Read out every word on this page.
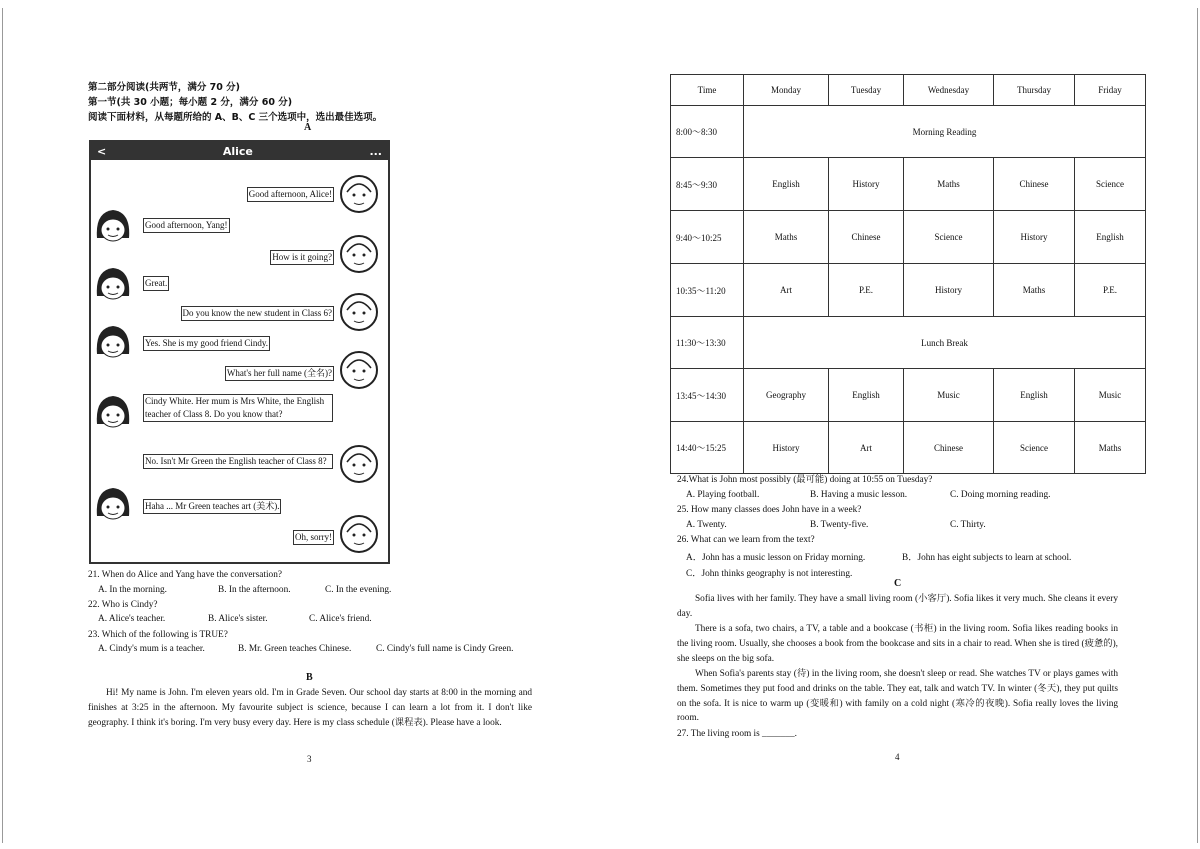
第二部分阅读(共两节，满分 70 分)
第一节(共 30 小题；每小题 2 分，满分 60 分)
阅读下面材料，从每题所给的 A、B、C 三个选项中，选出最佳选项。
A
<	Alice	...
Good afternoon, Alice!
Good afternoon, Yang!
How is it going?
Great.
Do you know the new student in Class 6?
Yes. She is my good friend Cindy.
What's her full name (全名)?
Cindy White. Her mum is Mrs White, the English teacher of Class 8. Do you know that?
No. Isn't Mr Green the English teacher of Class 8?
Haha ... Mr Green teaches art (美术).
Oh, sorry!
21. When do Alice and Yang have the conversation?
A. In the morning.	B. In the afternoon.	C. In the evening.
22. Who is Cindy?
A. Alice's teacher.	B. Alice's sister.	C. Alice's friend.
23. Which of the following is TRUE?
A. Cindy's mum is a teacher.	B. Mr. Green teaches Chinese.	C. Cindy's full name is Cindy Green.
B
Hi! My name is John. I'm eleven years old. I'm in Grade Seven. Our school day starts at 8:00 in the morning and finishes at 3:25 in the afternoon. My favourite subject is science, because I can learn a lot from it. I don't like geography. I think it's boring. I'm very busy every day. Here is my class schedule (课程表). Please have a look.
3
Time	Monday	Tuesday	Wednesday	Thursday	Friday
8:00～8:30	Morning Reading				
8:45～9:30	English	History	Maths	Chinese	Science
9:40～10:25	Maths	Chinese	Science	History	English
10:35～11:20	Art	P.E.	History	Maths	P.E.
11:30～13:30	Lunch Break				
13:45～14:30	Geography	English	Music	English	Music
14:40～15:25	History	Art	Chinese	Science	Maths
24.What is John most possibly (最可能) doing at 10:55 on Tuesday?
A. Playing football.	B. Having a music lesson.	C. Doing morning reading.
25. How many classes does John have in a week?
A. Twenty.	B. Twenty-five.	C. Thirty.
26. What can we learn from the text?
A．John has a music lesson on Friday morning.	B．John has eight subjects to learn at school.
C．John thinks geography is not interesting.
C
Sofia lives with her family. They have a small living room (小客厅). Sofia likes it very much. She cleans it every day.
There is a sofa, two chairs, a TV, a table and a bookcase (书柜) in the living room. Sofia likes reading books in the living room. Usually, she chooses a book from the bookcase and sits in a chair to read. When she is tired (疲惫的), she sleeps on the big sofa.
When Sofia's parents stay (待) in the living room, she doesn't sleep or read. She watches TV or plays games with them. Sometimes they put food and drinks on the table. They eat, talk and watch TV. In winter (冬天), they put quilts on the sofa. It is nice to warm up (变暖和) with family on a cold night (寒冷的夜晚). Sofia really loves the living room.
27. The living room is _______.
4
